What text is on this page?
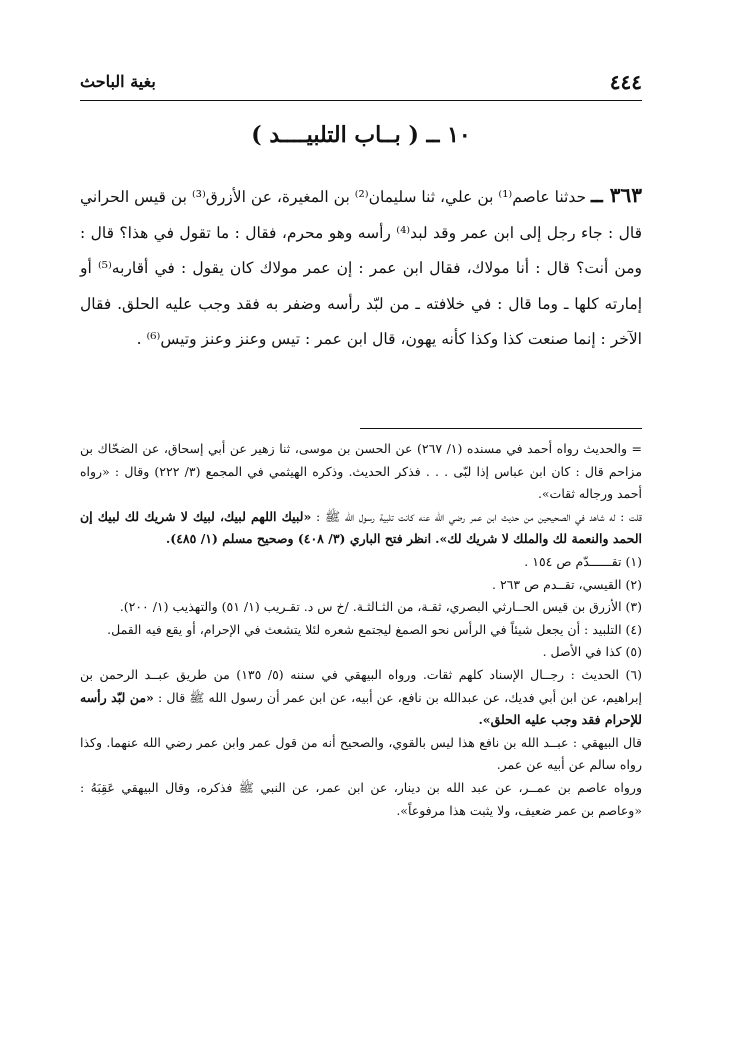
٤٤٤
بغية الباحث
١٠ ــ ( بــاب التلبيــــد )

٣٦٣ ــ حدثنا عاصم⁽¹⁾ بن علي، ثنا سليمان⁽²⁾ بن المغيرة، عن الأزرق⁽³⁾ بن قيس الحراني قال : جاء رجل إلى ابن عمر وقد لبد⁽⁴⁾ رأسه وهو محرم، فقال : ما تقول في هذا؟ قال : ومن أنت؟ قال : أنا مولاك، فقال ابن عمر : إن عمر مولاك كان يقول : في أقاربه⁽⁵⁾ أو إمارته كلها ـ وما قال : في خلافته ـ من لبّد رأسه وضفر به فقد وجب عليه الحلق. فقال الآخر : إنما صنعت كذا وكذا كأنه يهون، قال ابن عمر : تيس وعنز وعنز وتيس⁽⁶⁾ .

= والحديث رواه أحمد في مسنده (١/ ٢٦٧) عن الحسن بن موسى، ثنا زهير عن أبي إسحاق، عن الضحّاك بن مزاحم قال : كان ابن عباس إذا لبّى . . . فذكر الحديث. وذكره الهيثمي في المجمع (٣/ ٢٢٢) وقال : «رواه أحمد ورجاله ثقات».

قلت : له شاهد في الصحيحين من حديث ابن عمر رضي الله عنه كانت تلبية رسول الله ﷺ : «لبيك اللهم لبيك، لبيك لا شريك لك لبيك إن الحمد والنعمة لك والملك لا شريك لك». انظر فتح الباري (٣/ ٤٠٨) وصحيح مسلم (١/ ٤٨٥).

(١) تقــــــدّم ص ١٥٤ .

(٢) القيسي، تقــدم ص ٢٦٣ .

(٣) الأزرق بن قيس الحــارثي البصري، ثقـة، من الثـالثـة. /خ س د. تقـريب (١/ ٥١) والتهذيب (١/ ٢٠٠).

(٤) التلبيد : أن يجعل شيئاً في الرأس نحو الصمغ ليجتمع شعره لئلا يتشعث في الإحرام، أو يقع فيه القمل.

(٥) كذا في الأصل .

(٦) الحديث : رجــال الإسناد كلهم ثقات. ورواه البيهقي في سننه (٥/ ١٣٥) من طريق عبــد الرحمن بن إبراهيم، عن ابن أبي فديك، عن عبدالله بن نافع، عن أبيه، عن ابن عمر أن رسول الله ﷺ قال : «من لبّد رأسه للإحرام فقد وجب عليه الحلق».

قال البيهقي : عبــد الله بن نافع هذا ليس بالقوي، والصحيح أنه من قول عمر وابن عمر رضي الله عنهما. وكذا رواه سالم عن أبيه عن عمر.

ورواه عاصم بن عمــر، عن عبد الله بن دينار، عن ابن عمر، عن النبي ﷺ فذكره، وقال البيهقي عَقِبَهُ : «وعاصم بن عمر ضعيف، ولا يثبت هذا مرفوعاً».
